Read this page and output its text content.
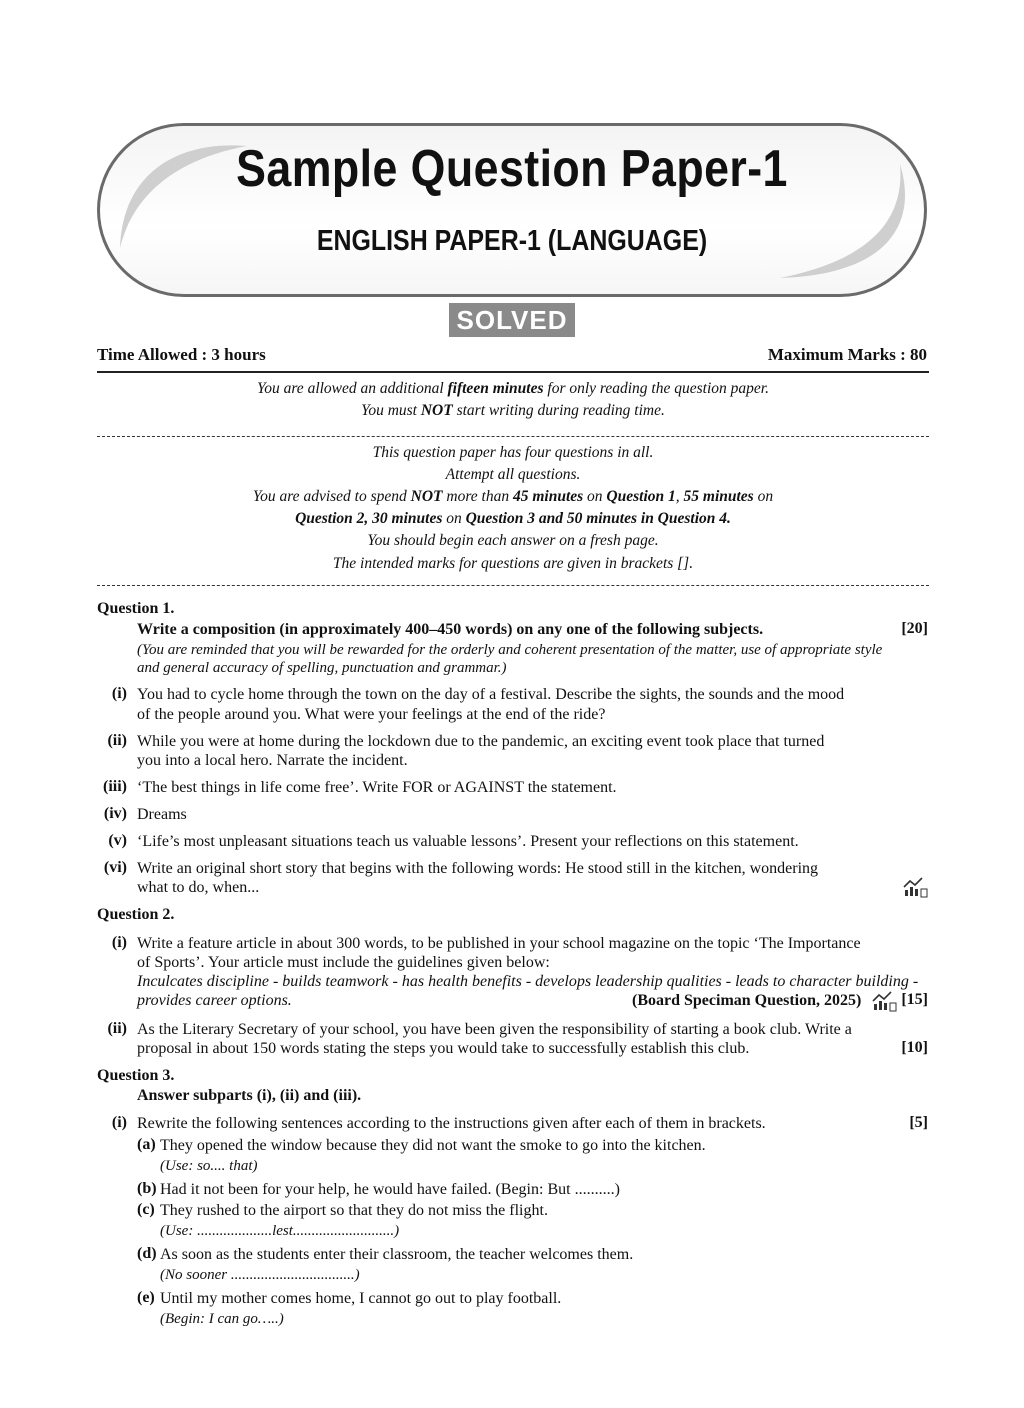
Sample Question Paper-1
ENGLISH PAPER-1 (LANGUAGE)
SOLVED
Time Allowed : 3 hours	Maximum Marks : 80
You are allowed an additional fifteen minutes for only reading the question paper.
You must NOT start writing during reading time.
This question paper has four questions in all.
Attempt all questions.
You are advised to spend NOT more than 45 minutes on Question 1, 55 minutes on
Question 2, 30 minutes on Question 3 and 50 minutes in Question 4.
You should begin each answer on a fresh page.
The intended marks for questions are given in brackets [].
Question 1.
Write a composition (in approximately 400–450 words) on any one of the following subjects.	[20]
(You are reminded that you will be rewarded for the orderly and coherent presentation of the matter, use of appropriate style
and general accuracy of spelling, punctuation and grammar.)
(i) You had to cycle home through the town on the day of a festival. Describe the sights, the sounds and the mood
of the people around you. What were your feelings at the end of the ride?
(ii) While you were at home during the lockdown due to the pandemic, an exciting event took place that turned
you into a local hero. Narrate the incident.
(iii) ‘The best things in life come free’. Write FOR or AGAINST the statement.
(iv) Dreams
(v) ‘Life’s most unpleasant situations teach us valuable lessons’. Present your reflections on this statement.
(vi) Write an original short story that begins with the following words: He stood still in the kitchen, wondering
what to do, when...
Question 2.
(i) Write a feature article in about 300 words, to be published in your school magazine on the topic ‘The Importance
of Sports’. Your article must include the guidelines given below:
Inculcates discipline - builds teamwork - has health benefits - develops leadership qualities - leads to character building -
provides career options.	(Board Speciman Question, 2025)	[15]
(ii) As the Literary Secretary of your school, you have been given the responsibility of starting a book club. Write a
proposal in about 150 words stating the steps you would take to successfully establish this club.	[10]
Question 3.
Answer subparts (i), (ii) and (iii).
(i) Rewrite the following sentences according to the instructions given after each of them in brackets.	[5]
(a) They opened the window because they did not want the smoke to go into the kitchen.
(Use: so.... that)
(b) Had it not been for your help, he would have failed. (Begin: But ..........)
(c) They rushed to the airport so that they do not miss the flight.
(Use: ....................lest...........................)
(d) As soon as the students enter their classroom, the teacher welcomes them.
(No sooner .................................)
(e) Until my mother comes home, I cannot go out to play football.
(Begin: I can go…..)
